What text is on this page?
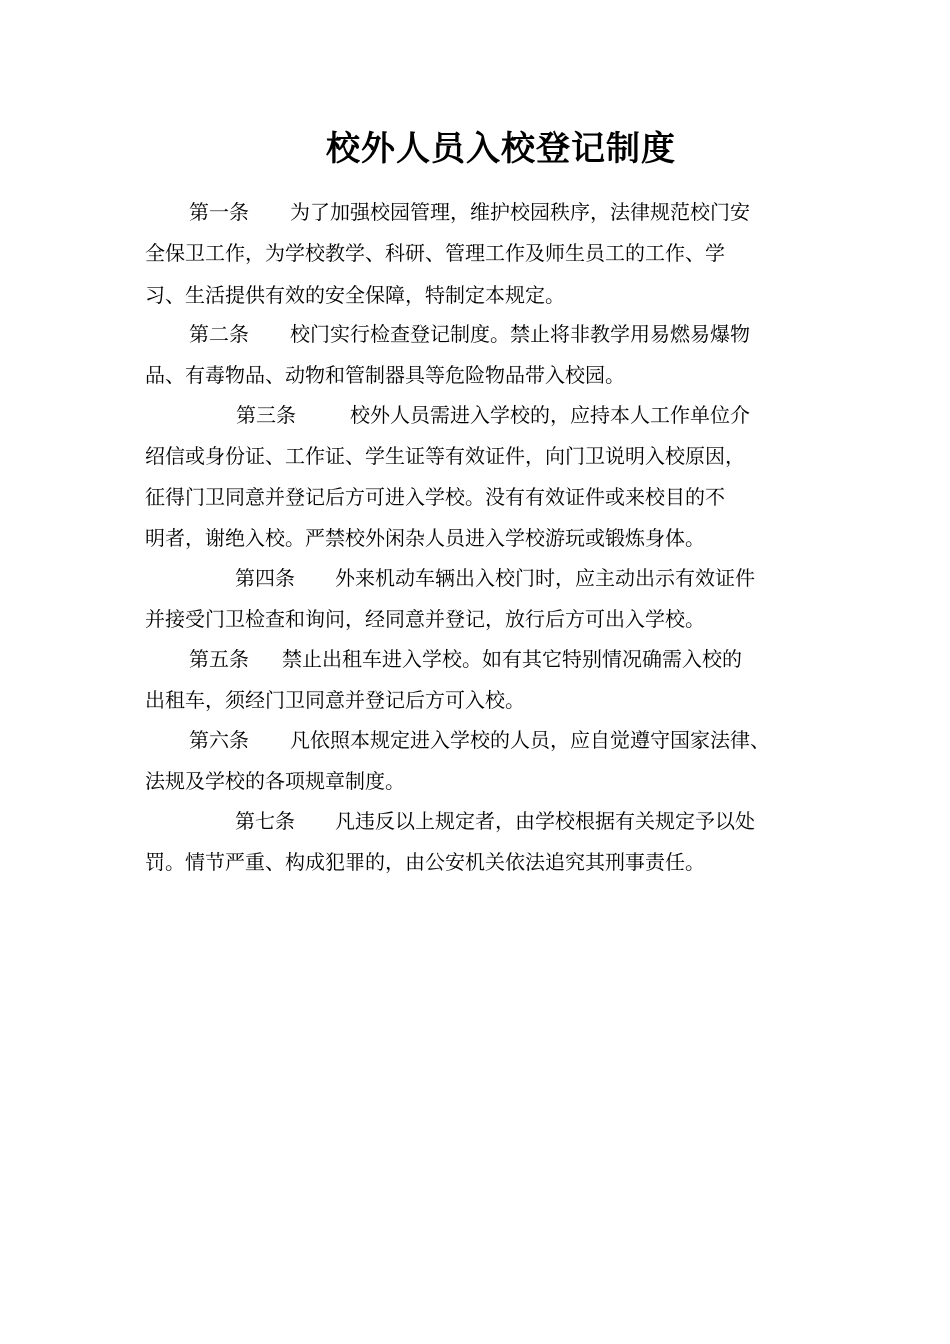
校外人员入校登记制度
第一条 为了加强校园管理，维护校园秩序，法律规范校门安
全保卫工作，为学校教学、科研、管理工作及师生员工的工作、学
习、生活提供有效的安全保障，特制定本规定。
第二条 校门实行检查登记制度。禁止将非教学用易燃易爆物
品、有毒物品、动物和管制器具等危险物品带入校园。
第三条	校外人员需进入学校的，应持本人工作单位介
绍信或身份证、工作证、学生证等有效证件，向门卫说明入校原因，
征得门卫同意并登记后方可进入学校。没有有效证件或来校目的不
明者，谢绝入校。严禁校外闲杂人员进入学校游玩或锻炼身体。
第四条 外来机动车辆出入校门时，应主动出示有效证件
并接受门卫检查和询问，经同意并登记，放行后方可出入学校。
第五条 禁止出租车进入学校。如有其它特别情况确需入校的
出租车，须经门卫同意并登记后方可入校。
第六条 凡依照本规定进入学校的人员，应自觉遵守国家法律、
法规及学校的各项规章制度。
第七条 凡违反以上规定者，由学校根据有关规定予以处
罚。情节严重、构成犯罪的，由公安机关依法追究其刑事责任。
